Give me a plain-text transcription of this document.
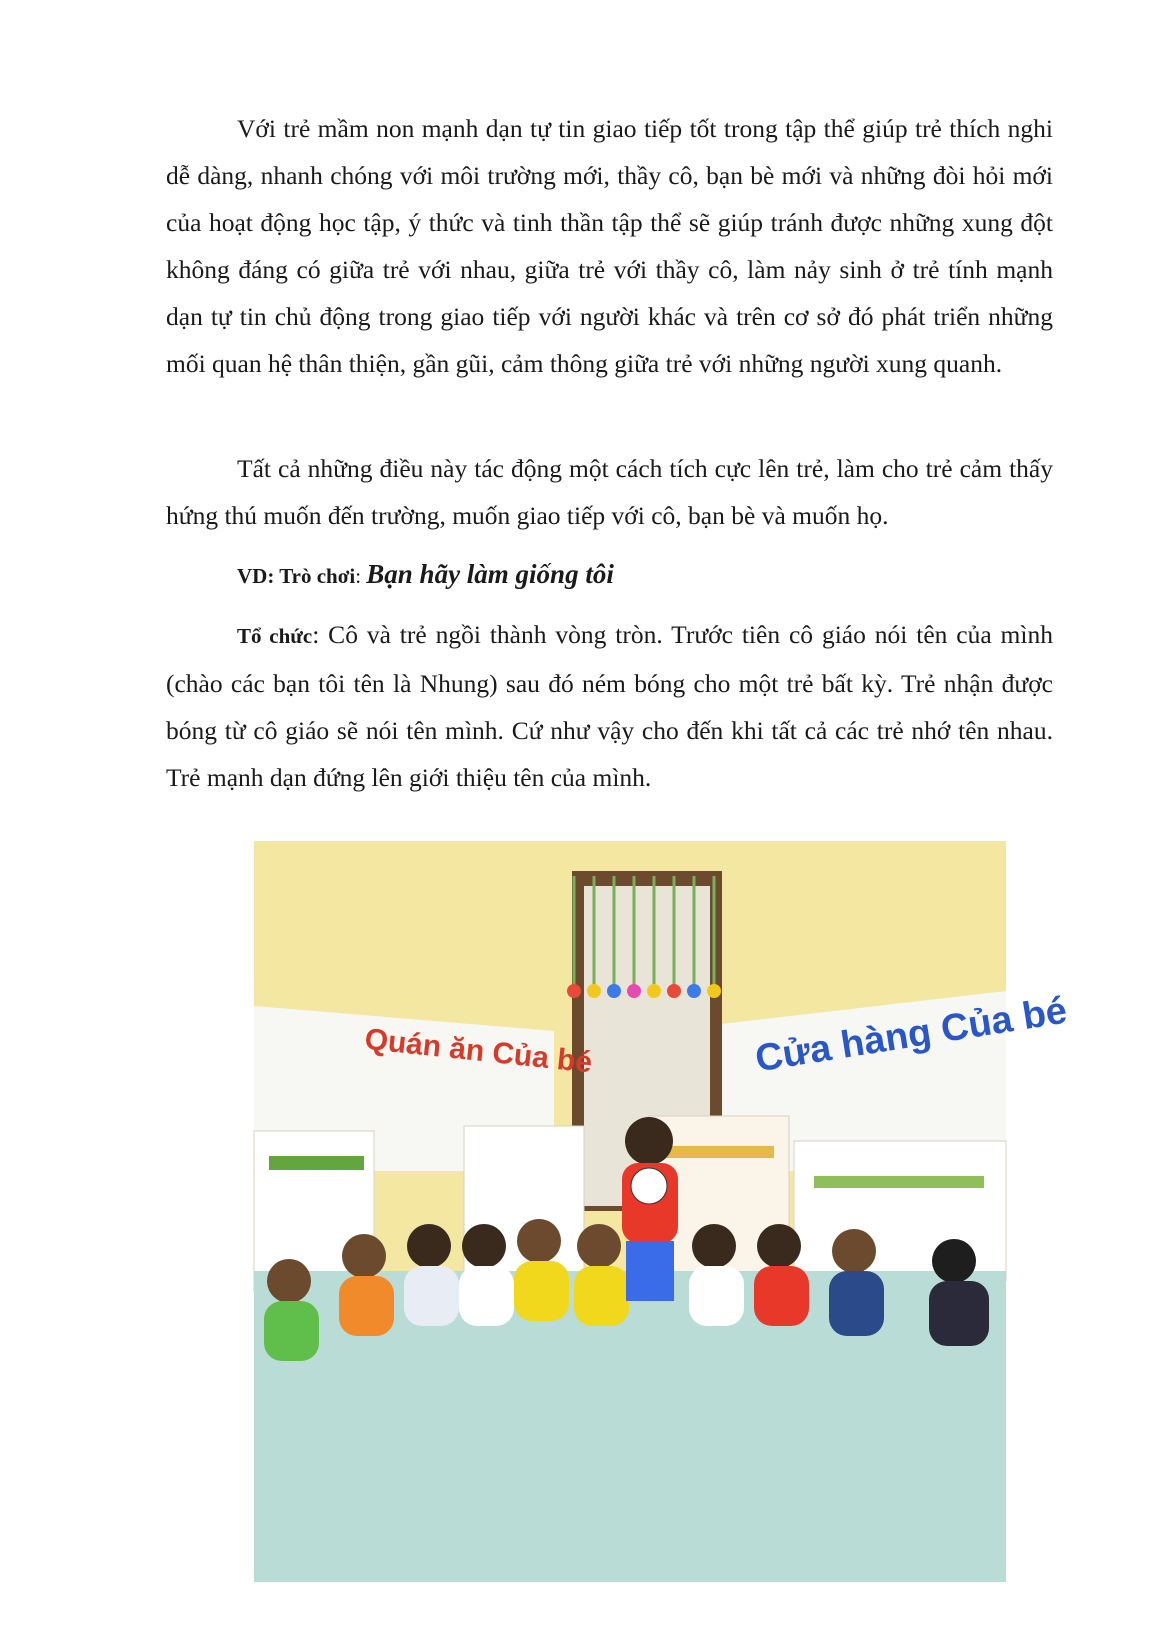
Với trẻ mầm non mạnh dạn tự tin giao tiếp tốt trong tập thể giúp trẻ thích nghi dễ dàng, nhanh chóng với môi trường mới, thầy cô, bạn bè mới và những đòi hỏi mới của hoạt động học tập, ý thức và tinh thần tập thể sẽ giúp tránh được những xung đột không đáng có giữa trẻ với nhau, giữa trẻ với thầy cô, làm nảy sinh ở trẻ tính mạnh dạn tự tin chủ động trong giao tiếp với người khác và trên cơ sở đó phát triển những mối quan hệ thân thiện, gần gũi, cảm thông giữa trẻ với những người xung quanh.

Tất cả những điều này tác động một cách tích cực lên trẻ, làm cho trẻ cảm thấy hứng thú muốn đến trường, muốn giao tiếp với cô, bạn bè và muốn họ.

VD: Trò chơi: Bạn hãy làm giống tôi

Tổ chức: Cô và trẻ ngồi thành vòng tròn. Trước tiên cô giáo nói tên của mình (chào các bạn tôi tên là Nhung) sau đó ném bóng cho một trẻ bất kỳ. Trẻ nhận được bóng từ cô giáo sẽ nói tên mình. Cứ như vậy cho đến khi tất cả các trẻ nhớ tên nhau. Trẻ mạnh dạn đứng lên giới thiệu tên của mình.

Quán ăn Của bé	Cửa hàng Của bé
